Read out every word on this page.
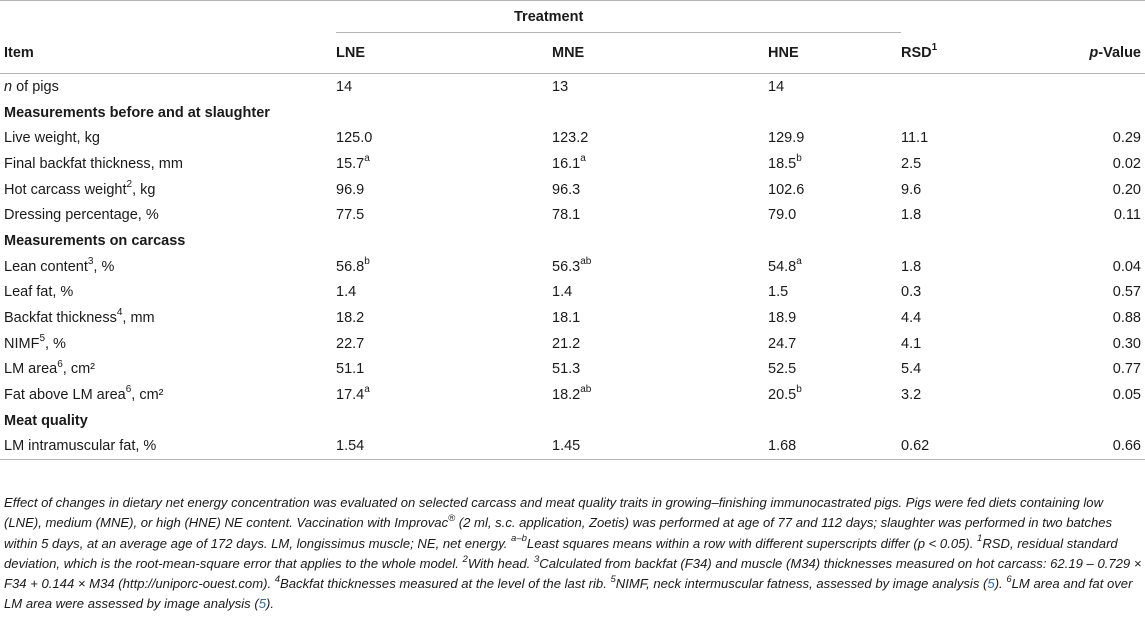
	Treatment				
Item	LNE	MNE	HNE	RSD$^1$	p-Value
n of pigs	14	13	14		
Measurements before and at slaughter					
Live weight, kg	125.0	123.2	129.9	11.1	0.29
Final backfat thickness, mm	15.7$^a$	16.1$^a$	18.5$^b$	2.5	0.02
Hot carcass weight$^2$, kg	96.9	96.3	102.6	9.6	0.20
Dressing percentage, %	77.5	78.1	79.0	1.8	0.11
Measurements on carcass					
Lean content$^3$, %	56.8$^b$	56.3$^{ab}$	54.8$^a$	1.8	0.04
Leaf fat, %	1.4	1.4	1.5	0.3	0.57
Backfat thickness$^4$, mm	18.2	18.1	18.9	4.4	0.88
NIMF$^5$, %	22.7	21.2	24.7	4.1	0.30
LM area$^6$, cm²	51.1	51.3	52.5	5.4	0.77
Fat above LM area$^6$, cm²	17.4$^a$	18.2$^{ab}$	20.5$^b$	3.2	0.05
Meat quality					
LM intramuscular fat, %	1.54	1.45	1.68	0.62	0.66
Effect of changes in dietary net energy concentration was evaluated on selected carcass and meat quality traits in growing–finishing immunocastrated pigs. Pigs were fed diets containing low (LNE), medium (MNE), or high (HNE) NE content. Vaccination with Improvac® (2 ml, s.c. application, Zoetis) was performed at age of 77 and 112 days; slaughter was performed in two batches within 5 days, at an average age of 172 days. LM, longissimus muscle; NE, net energy. $^{a-b}$Least squares means within a row with different superscripts differ (p < 0.05). $^1$RSD, residual standard deviation, which is the root-mean-square error that applies to the whole model. $^2$With head. $^3$Calculated from backfat (F34) and muscle (M34) thicknesses measured on hot carcass: 62.19 – 0.729 × F34 + 0.144 × M34 (http://uniporc-ouest.com). $^4$Backfat thicknesses measured at the level of the last rib. $^5$NIMF, neck intermuscular fatness, assessed by image analysis (5). $^6$LM area and fat over LM area were assessed by image analysis (5).
